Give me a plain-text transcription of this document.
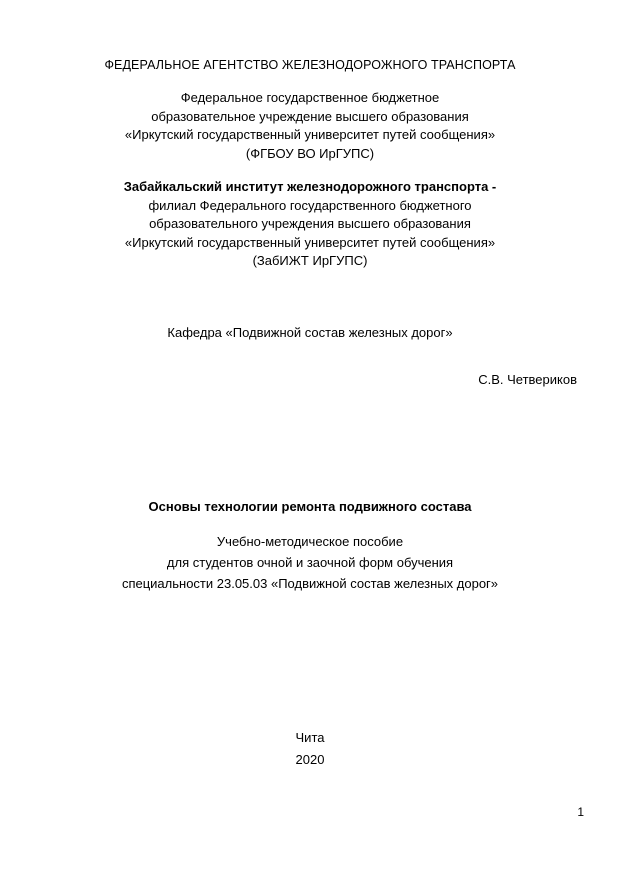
ФЕДЕРАЛЬНОЕ АГЕНТСТВО ЖЕЛЕЗНОДОРОЖНОГО ТРАНСПОРТА
Федеральное государственное бюджетное
образовательное учреждение высшего образования
«Иркутский государственный университет путей сообщения»
(ФГБОУ ВО ИрГУПС)
Забайкальский институт железнодорожного транспорта -
филиал Федерального государственного бюджетного
образовательного учреждения высшего образования
«Иркутский государственный университет путей сообщения»
(ЗабИЖТ ИрГУПС)
Кафедра «Подвижной состав железных дорог»
С.В. Четвериков
Основы технологии ремонта подвижного состава
Учебно-методическое пособие
для студентов очной и заочной форм обучения
специальности 23.05.03 «Подвижной состав железных дорог»
Чита
2020
1
